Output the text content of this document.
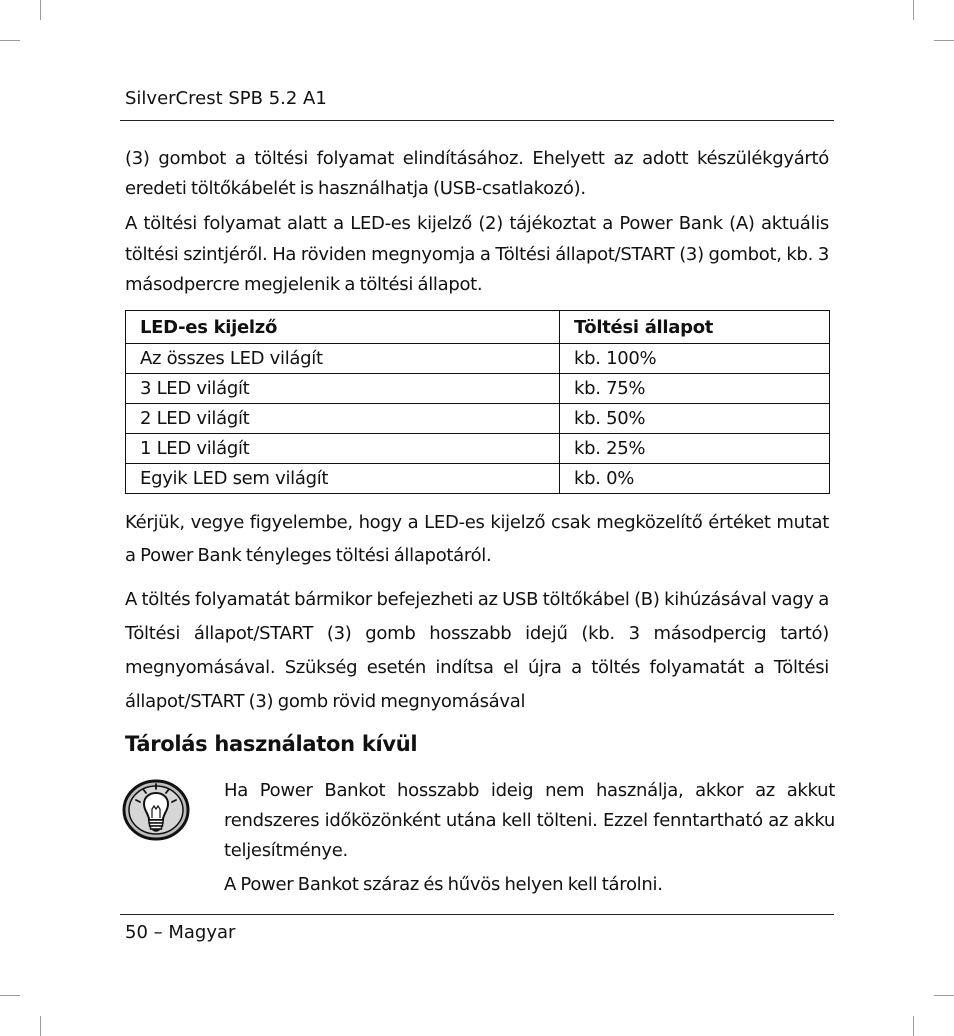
SilverCrest SPB 5.2 A1
(3) gombot a töltési folyamat elindításához. Ehelyett az adott készülékgyártó eredeti töltőkábelét is használhatja (USB-csatlakozó).
A töltési folyamat alatt a LED-es kijelző (2) tájékoztat a Power Bank (A) aktuális töltési szintjéről. Ha röviden megnyomja a Töltési állapot/START (3) gombot, kb. 3 másodpercre megjelenik a töltési állapot.
LED-es kijelző	Töltési állapot
Az összes LED világít	kb. 100%
3 LED világít	kb. 75%
2 LED világít	kb. 50%
1 LED világít	kb. 25%
Egyik LED sem világít	kb. 0%
Kérjük, vegye figyelembe, hogy a LED-es kijelző csak megközelítő értéket mutat a Power Bank tényleges töltési állapotáról.
A töltés folyamatát bármikor befejezheti az USB töltőkábel (B) kihúzásával vagy a Töltési állapot/START (3) gomb hosszabb idejű (kb. 3 másodpercig tartó) megnyomásával. Szükség esetén indítsa el újra a töltés folyamatát a Töltési állapot/START (3) gomb rövid megnyomásával
Tárolás használaton kívül
Ha Power Bankot hosszabb ideig nem használja, akkor az akkut rendszeres időközönként utána kell tölteni. Ezzel fenntartható az akku teljesítménye.
A Power Bankot száraz és hűvös helyen kell tárolni.
50 – Magyar
